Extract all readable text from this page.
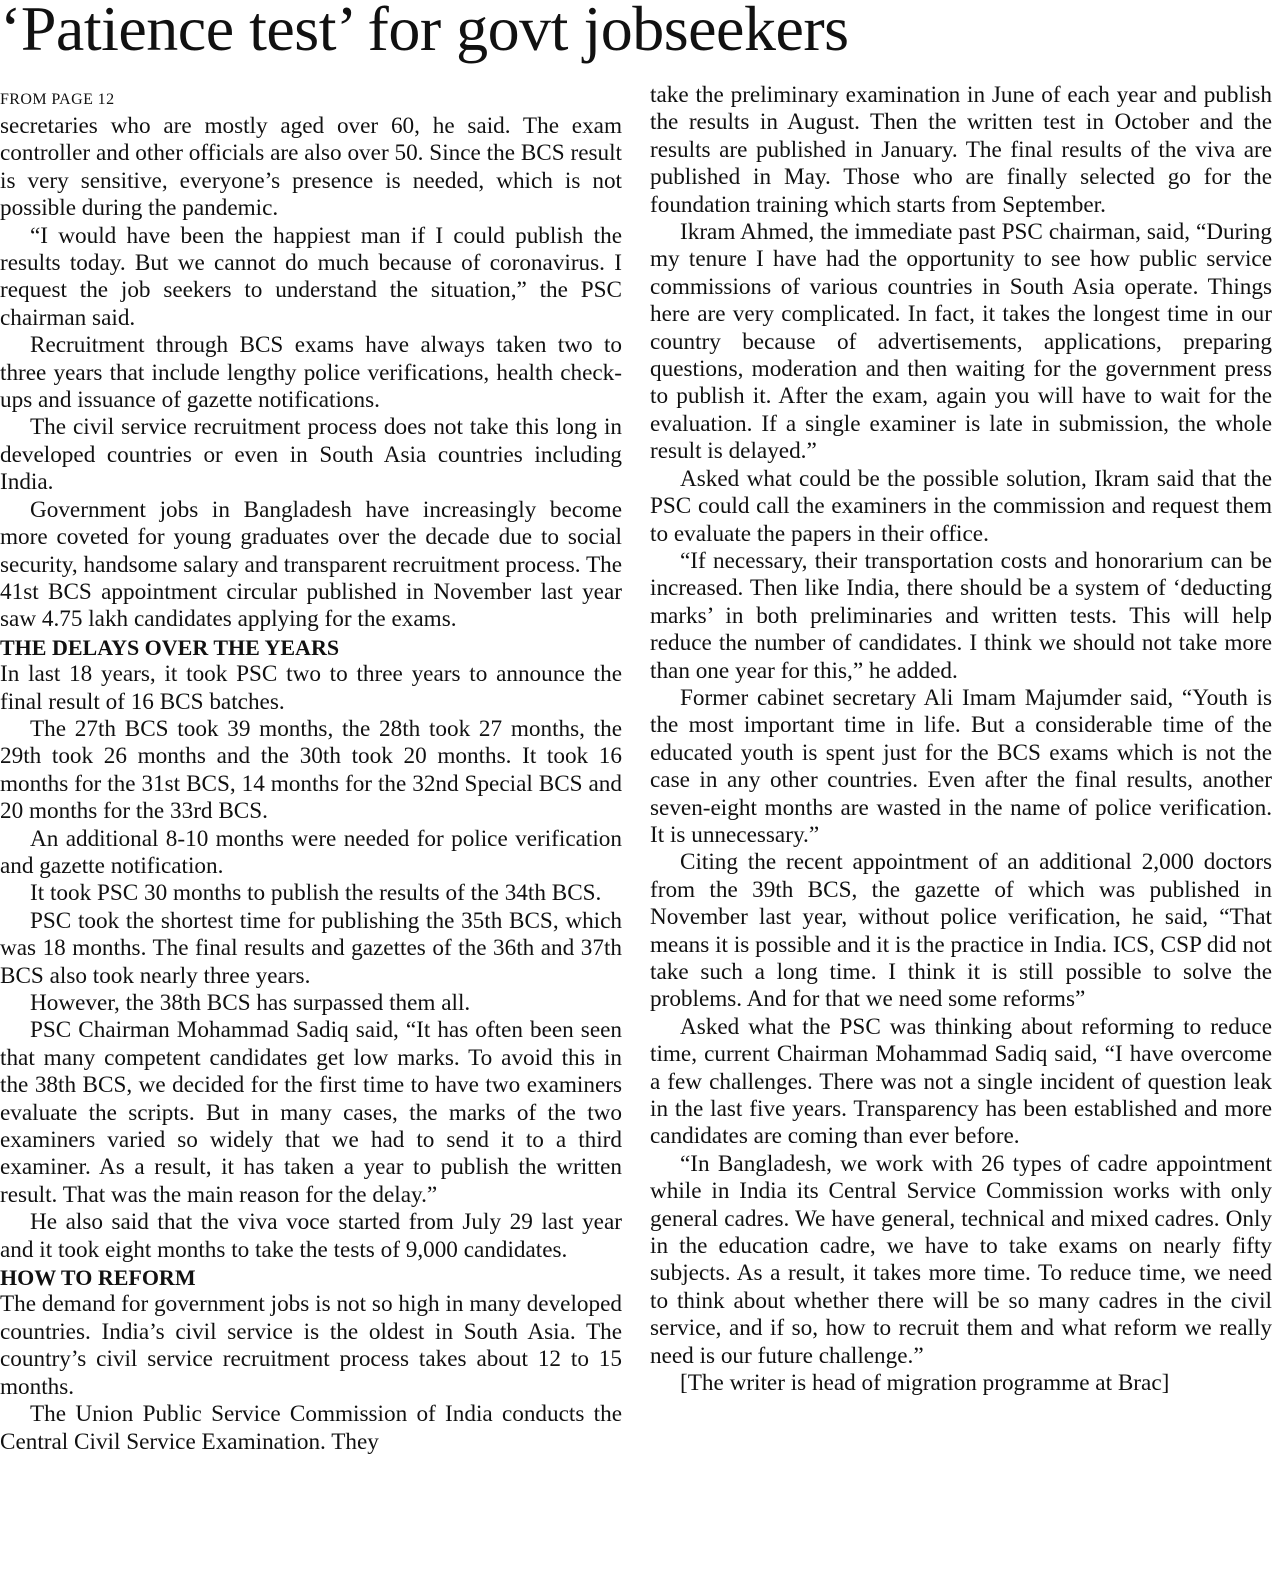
‘Patience test’ for govt jobseekers
FROM PAGE 12

secretaries who are mostly aged over 60, he said. The exam controller and other officials are also over 50. Since the BCS result is very sensitive, everyone’s presence is needed, which is not possible during the pandemic.

“I would have been the happiest man if I could publish the results today. But we cannot do much because of coronavirus. I request the job seekers to understand the situation,” the PSC chairman said.

Recruitment through BCS exams have always taken two to three years that include lengthy police verifications, health check-ups and issuance of gazette notifications.

The civil service recruitment process does not take this long in developed countries or even in South Asia countries including India.

Government jobs in Bangladesh have increasingly become more coveted for young graduates over the decade due to social security, handsome salary and transparent recruitment process. The 41st BCS appointment circular published in November last year saw 4.75 lakh candidates applying for the exams.

THE DELAYS OVER THE YEARS

In last 18 years, it took PSC two to three years to announce the final result of 16 BCS batches.

The 27th BCS took 39 months, the 28th took 27 months, the 29th took 26 months and the 30th took 20 months. It took 16 months for the 31st BCS, 14 months for the 32nd Special BCS and 20 months for the 33rd BCS.

An additional 8-10 months were needed for police verification and gazette notification.

It took PSC 30 months to publish the results of the 34th BCS.

PSC took the shortest time for publishing the 35th BCS, which was 18 months. The final results and gazettes of the 36th and 37th BCS also took nearly three years.

However, the 38th BCS has surpassed them all.

PSC Chairman Mohammad Sadiq said, “It has often been seen that many competent candidates get low marks. To avoid this in the 38th BCS, we decided for the first time to have two examiners evaluate the scripts. But in many cases, the marks of the two examiners varied so widely that we had to send it to a third examiner. As a result, it has taken a year to publish the written result. That was the main reason for the delay.”

He also said that the viva voce started from July 29 last year and it took eight months to take the tests of 9,000 candidates.

HOW TO REFORM

The demand for government jobs is not so high in many developed countries. India’s civil service is the oldest in South Asia. The country’s civil service recruitment process takes about 12 to 15 months.

The Union Public Service Commission of India conducts the Central Civil Service Examination. They

take the preliminary examination in June of each year and publish the results in August. Then the written test in October and the results are published in January. The final results of the viva are published in May. Those who are finally selected go for the foundation training which starts from September.

Ikram Ahmed, the immediate past PSC chairman, said, “During my tenure I have had the opportunity to see how public service commissions of various countries in South Asia operate. Things here are very complicated. In fact, it takes the longest time in our country because of advertisements, applications, preparing questions, moderation and then waiting for the government press to publish it. After the exam, again you will have to wait for the evaluation. If a single examiner is late in submission, the whole result is delayed.”

Asked what could be the possible solution, Ikram said that the PSC could call the examiners in the commission and request them to evaluate the papers in their office.

“If necessary, their transportation costs and honorarium can be increased. Then like India, there should be a system of ‘deducting marks’ in both preliminaries and written tests. This will help reduce the number of candidates. I think we should not take more than one year for this,” he added.

Former cabinet secretary Ali Imam Majumder said, “Youth is the most important time in life. But a considerable time of the educated youth is spent just for the BCS exams which is not the case in any other countries. Even after the final results, another seven-eight months are wasted in the name of police verification. It is unnecessary.”

Citing the recent appointment of an additional 2,000 doctors from the 39th BCS, the gazette of which was published in November last year, without police verification, he said, “That means it is possible and it is the practice in India. ICS, CSP did not take such a long time. I think it is still possible to solve the problems. And for that we need some reforms”

Asked what the PSC was thinking about reforming to reduce time, current Chairman Mohammad Sadiq said, “I have overcome a few challenges. There was not a single incident of question leak in the last five years. Transparency has been established and more candidates are coming than ever before.

“In Bangladesh, we work with 26 types of cadre appointment while in India its Central Service Commission works with only general cadres. We have general, technical and mixed cadres. Only in the education cadre, we have to take exams on nearly fifty subjects. As a result, it takes more time. To reduce time, we need to think about whether there will be so many cadres in the civil service, and if so, how to recruit them and what reform we really need is our future challenge.”

[The writer is head of migration programme at Brac]
